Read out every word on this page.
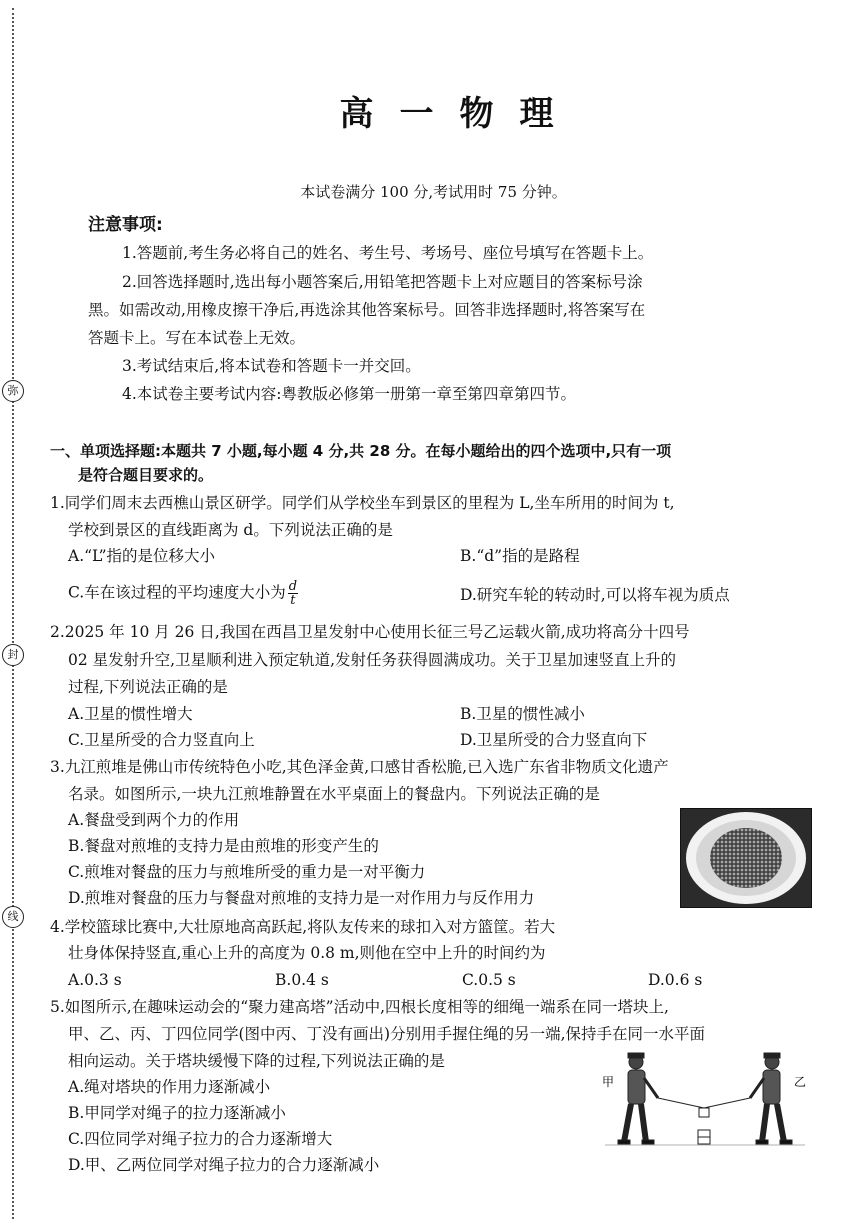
弥
封
线
高一物理
本试卷满分 100 分,考试用时 75 分钟。
注意事项:
1.答题前,考生务必将自己的姓名、考生号、考场号、座位号填写在答题卡上。
2.回答选择题时,选出每小题答案后,用铅笔把答题卡上对应题目的答案标号涂
黑。如需改动,用橡皮擦干净后,再选涂其他答案标号。回答非选择题时,将答案写在
答题卡上。写在本试卷上无效。
3.考试结束后,将本试卷和答题卡一并交回。
4.本试卷主要考试内容:粤教版必修第一册第一章至第四章第四节。
一、单项选择题:本题共 7 小题,每小题 4 分,共 28 分。在每小题给出的四个选项中,只有一项
是符合题目要求的。
1.同学们周末去西樵山景区研学。同学们从学校坐车到景区的里程为 L,坐车所用的时间为 t,
学校到景区的直线距离为 d。下列说法正确的是
A.“L”指的是位移大小	B.“d”指的是路程
C.车在该过程的平均速度大小为 $\frac{d}{t}$	D.研究车轮的转动时,可以将车视为质点
2.2025 年 10 月 26 日,我国在西昌卫星发射中心使用长征三号乙运载火箭,成功将高分十四号
02 星发射升空,卫星顺利进入预定轨道,发射任务获得圆满成功。关于卫星加速竖直上升的
过程,下列说法正确的是
A.卫星的惯性增大	B.卫星的惯性减小
C.卫星所受的合力竖直向上	D.卫星所受的合力竖直向下
3.九江煎堆是佛山市传统特色小吃,其色泽金黄,口感甘香松脆,已入选广东省非物质文化遗产
名录。如图所示,一块九江煎堆静置在水平桌面上的餐盘内。下列说法正确的是
A.餐盘受到两个力的作用
B.餐盘对煎堆的支持力是由煎堆的形变产生的
C.煎堆对餐盘的压力与煎堆所受的重力是一对平衡力
D.煎堆对餐盘的压力与餐盘对煎堆的支持力是一对作用力与反作用力
4.学校篮球比赛中,大壮原地高高跃起,将队友传来的球扣入对方篮筐。若大
壮身体保持竖直,重心上升的高度为 0.8 m,则他在空中上升的时间约为
A.0.3 s	B.0.4 s	C.0.5 s	D.0.6 s
5.如图所示,在趣味运动会的“聚力建高塔”活动中,四根长度相等的细绳一端系在同一塔块上,
甲、乙、丙、丁四位同学(图中丙、丁没有画出)分别用手握住绳的另一端,保持手在同一水平面
相向运动。关于塔块缓慢下降的过程,下列说法正确的是
A.绳对塔块的作用力逐渐减小
B.甲同学对绳子的拉力逐渐减小
C.四位同学对绳子拉力的合力逐渐增大
D.甲、乙两位同学对绳子拉力的合力逐渐减小
甲	乙
